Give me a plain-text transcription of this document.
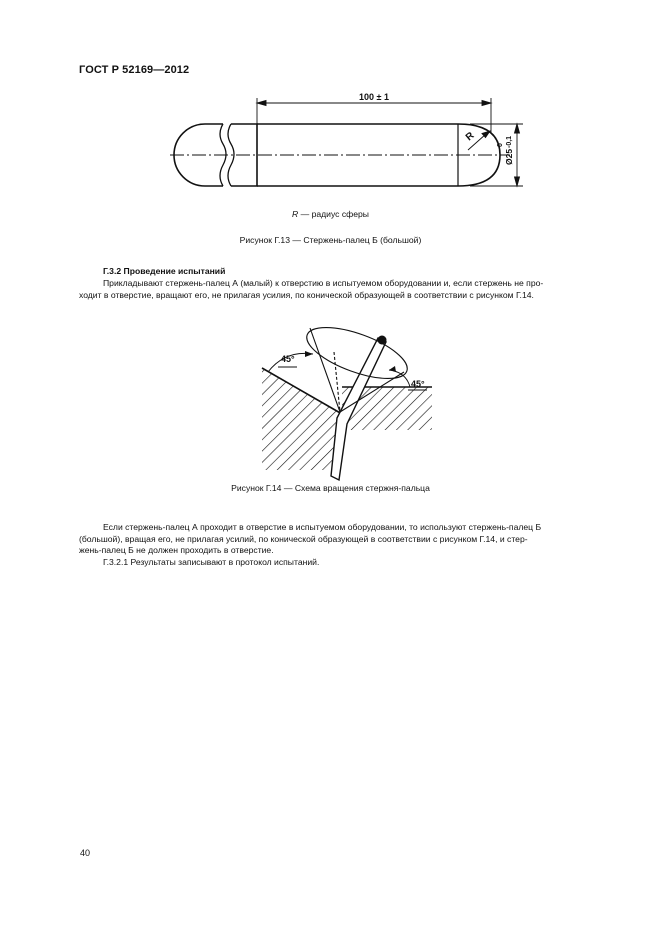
ГОСТ Р 52169—2012
100 ± 1
R
Ø25
0 -0,1
R — радиус сферы
Рисунок Г.13 — Стержень-палец Б (большой)
Г.3.2 Проведение испытаний
Прикладывают стержень-палец А (малый) к отверстию в испытуемом оборудовании и, если стержень не про-
ходит в отверстие, вращают его, не прилагая усилия, по конической образующей в соответствии с рисунком Г.14.
45°
45°
Рисунок Г.14 — Схема вращения стержня-пальца
Если стержень-палец А проходит в отверстие в испытуемом оборудовании, то используют стержень-палец Б
(большой), вращая его, не прилагая усилий, по конической образующей в соответствии с рисунком Г.14, и стер-
жень-палец Б не должен проходить в отверстие.
Г.3.2.1 Результаты записывают в протокол испытаний.
40
